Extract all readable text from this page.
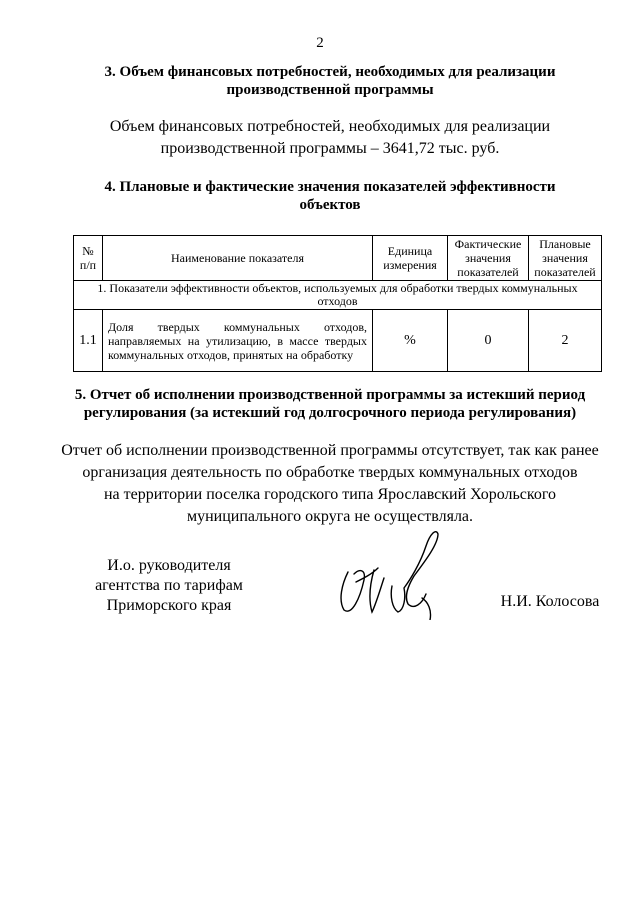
2
3. Объем финансовых потребностей, необходимых для реализации
производственной программы
Объем финансовых потребностей, необходимых для реализации
производственной программы – 3641,72 тыс. руб.
4. Плановые и фактические значения показателей эффективности
объектов
№ п/п	Наименование показателя	Единица измерения	Фактические значения показателей	Плановые значения показателей
1. Показатели эффективности объектов, используемых для обработки твердых коммунальных отходов				
1.1	Доля твердых коммунальных отходов, направляемых на утилизацию, в массе твердых коммунальных отходов, принятых на обработку	%	0	2
5. Отчет об исполнении производственной программы за истекший период
регулирования (за истекший год долгосрочного периода регулирования)
Отчет об исполнении производственной программы отсутствует, так как ранее
организация деятельность по обработке твердых коммунальных отходов
на территории поселка городского типа Ярославский Хорольского
муниципального округа не осуществляла.
И.о. руководителя
агентства по тарифам
Приморского края	Н.И. Колосова
